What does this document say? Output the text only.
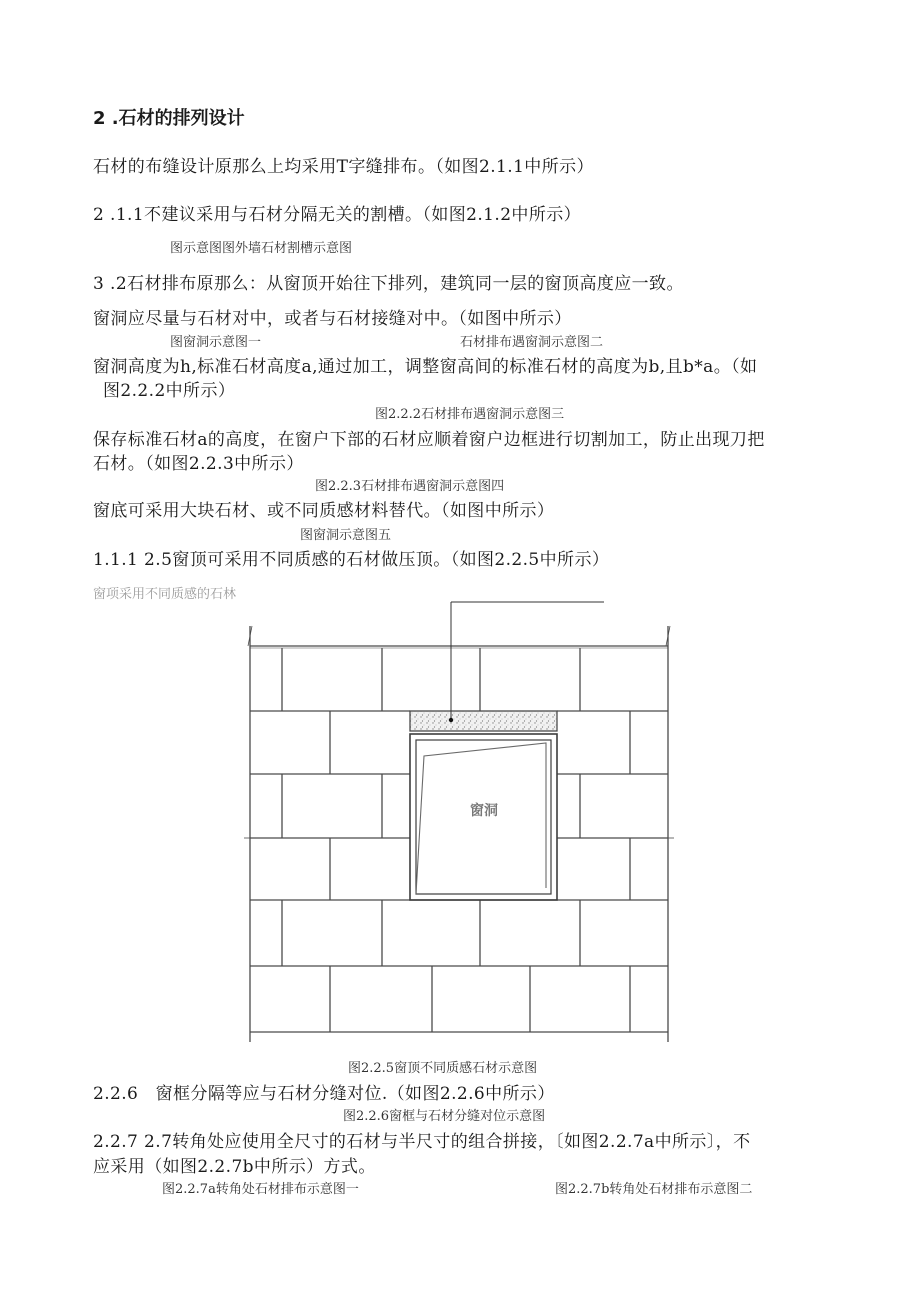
2 .石材的排列设计
石材的布缝设计原那么上均采用T字缝排布。（如图2.1.1中所示）
2 .1.1不建议采用与石材分隔无关的割槽。（如图2.1.2中所示）
图示意图图外墙石材割槽示意图
3 .2石材排布原那么：从窗顶开始往下排列，建筑同一层的窗顶高度应一致。
窗洞应尽量与石材对中，或者与石材接缝对中。（如图中所示）
图窗洞示意图一	石材排布遇窗洞示意图二
窗洞高度为h,标准石材高度a,通过加工，调整窗高间的标准石材的高度为b,且b*a。（如
图2.2.2中所示）
图2.2.2石材排布遇窗洞示意图三
保存标准石材a的高度，在窗户下部的石材应顺着窗户边框进行切割加工，防止出现刀把
石材。（如图2.2.3中所示）
图2.2.3石材排布遇窗洞示意图四
窗底可采用大块石材、或不同质感材料替代。（如图中所示）
图窗洞示意图五
1.1.1 2.5窗顶可采用不同质感的石材做压顶。（如图2.2.5中所示）
窗项采用不同质感的石林
窗洞
图2.2.5窗顶不同质感石材示意图
2.2.6　窗框分隔等应与石材分缝对位.（如图2.2.6中所示）
图2.2.6窗框与石材分缝对位示意图
2.2.7 2.7转角处应使用全尺寸的石材与半尺寸的组合拼接，〔如图2.2.7a中所示〕，不
应采用（如图2.2.7b中所示）方式。
图2.2.7a转角处石材排布示意图一	图2.2.7b转角处石材排布示意图二
